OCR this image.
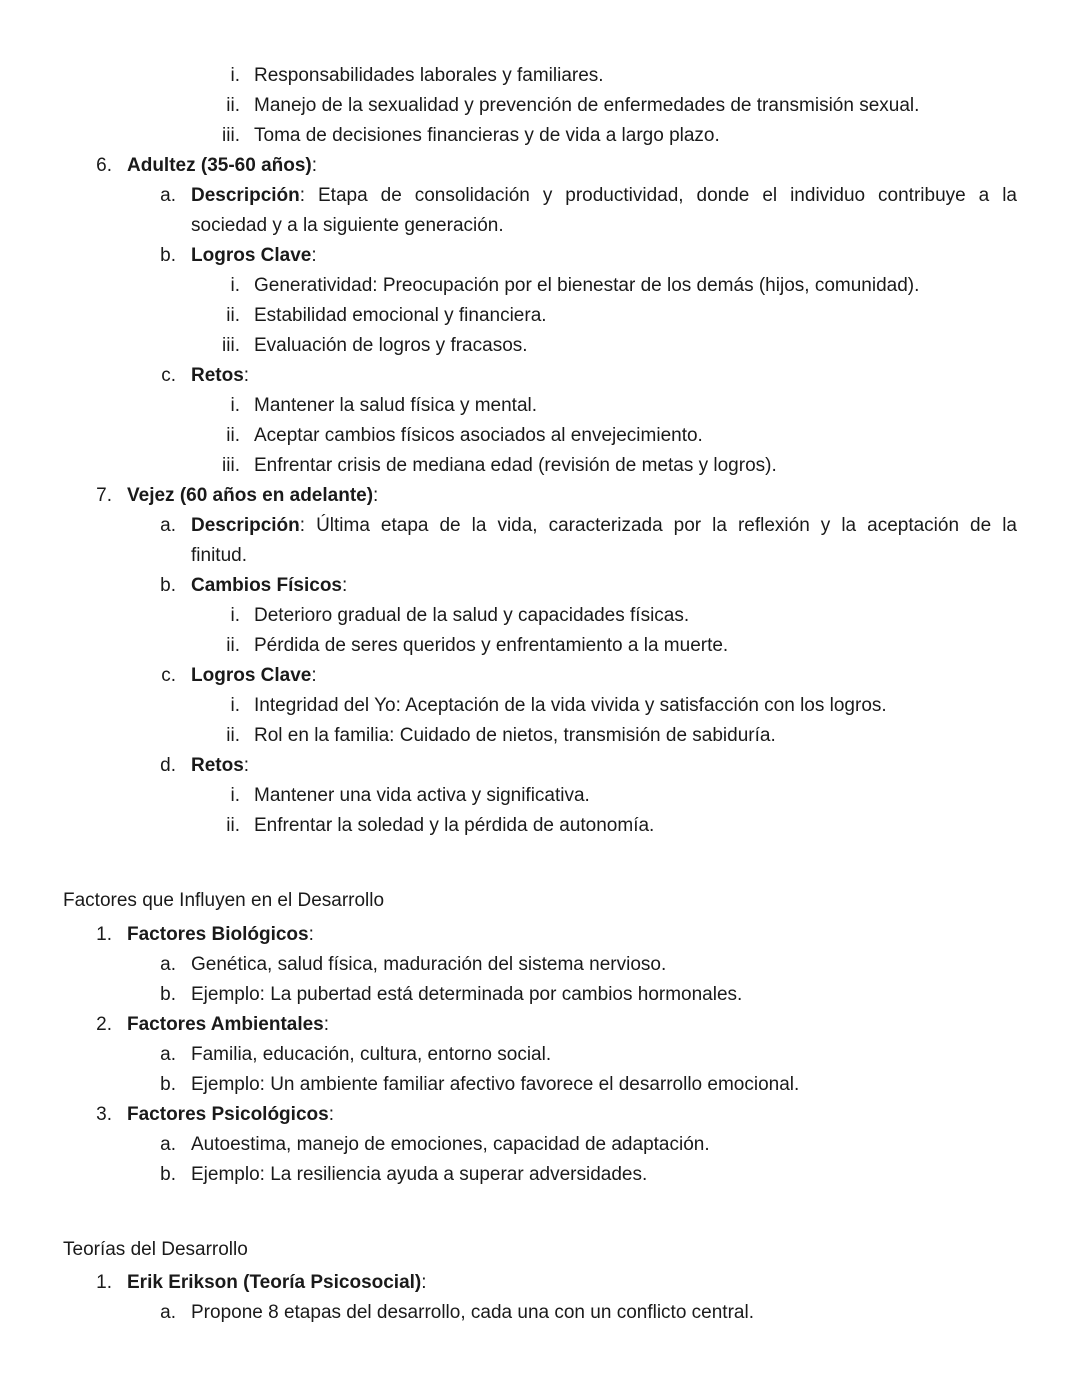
i. Responsabilidades laborales y familiares.
ii. Manejo de la sexualidad y prevención de enfermedades de transmisión sexual.
iii. Toma de decisiones financieras y de vida a largo plazo.
6. Adultez (35-60 años):
a. Descripción: Etapa de consolidación y productividad, donde el individuo contribuye a la
sociedad y a la siguiente generación.
b. Logros Clave:
i. Generatividad: Preocupación por el bienestar de los demás (hijos, comunidad).
ii. Estabilidad emocional y financiera.
iii. Evaluación de logros y fracasos.
c. Retos:
i. Mantener la salud física y mental.
ii. Aceptar cambios físicos asociados al envejecimiento.
iii. Enfrentar crisis de mediana edad (revisión de metas y logros).
7. Vejez (60 años en adelante):
a. Descripción: Última etapa de la vida, caracterizada por la reflexión y la aceptación de la
finitud.
b. Cambios Físicos:
i. Deterioro gradual de la salud y capacidades físicas.
ii. Pérdida de seres queridos y enfrentamiento a la muerte.
c. Logros Clave:
i. Integridad del Yo: Aceptación de la vida vivida y satisfacción con los logros.
ii. Rol en la familia: Cuidado de nietos, transmisión de sabiduría.
d. Retos:
i. Mantener una vida activa y significativa.
ii. Enfrentar la soledad y la pérdida de autonomía.
Factores que Influyen en el Desarrollo
1. Factores Biológicos:
a. Genética, salud física, maduración del sistema nervioso.
b. Ejemplo: La pubertad está determinada por cambios hormonales.
2. Factores Ambientales:
a. Familia, educación, cultura, entorno social.
b. Ejemplo: Un ambiente familiar afectivo favorece el desarrollo emocional.
3. Factores Psicológicos:
a. Autoestima, manejo de emociones, capacidad de adaptación.
b. Ejemplo: La resiliencia ayuda a superar adversidades.
Teorías del Desarrollo
1. Erik Erikson (Teoría Psicosocial):
a. Propone 8 etapas del desarrollo, cada una con un conflicto central.
